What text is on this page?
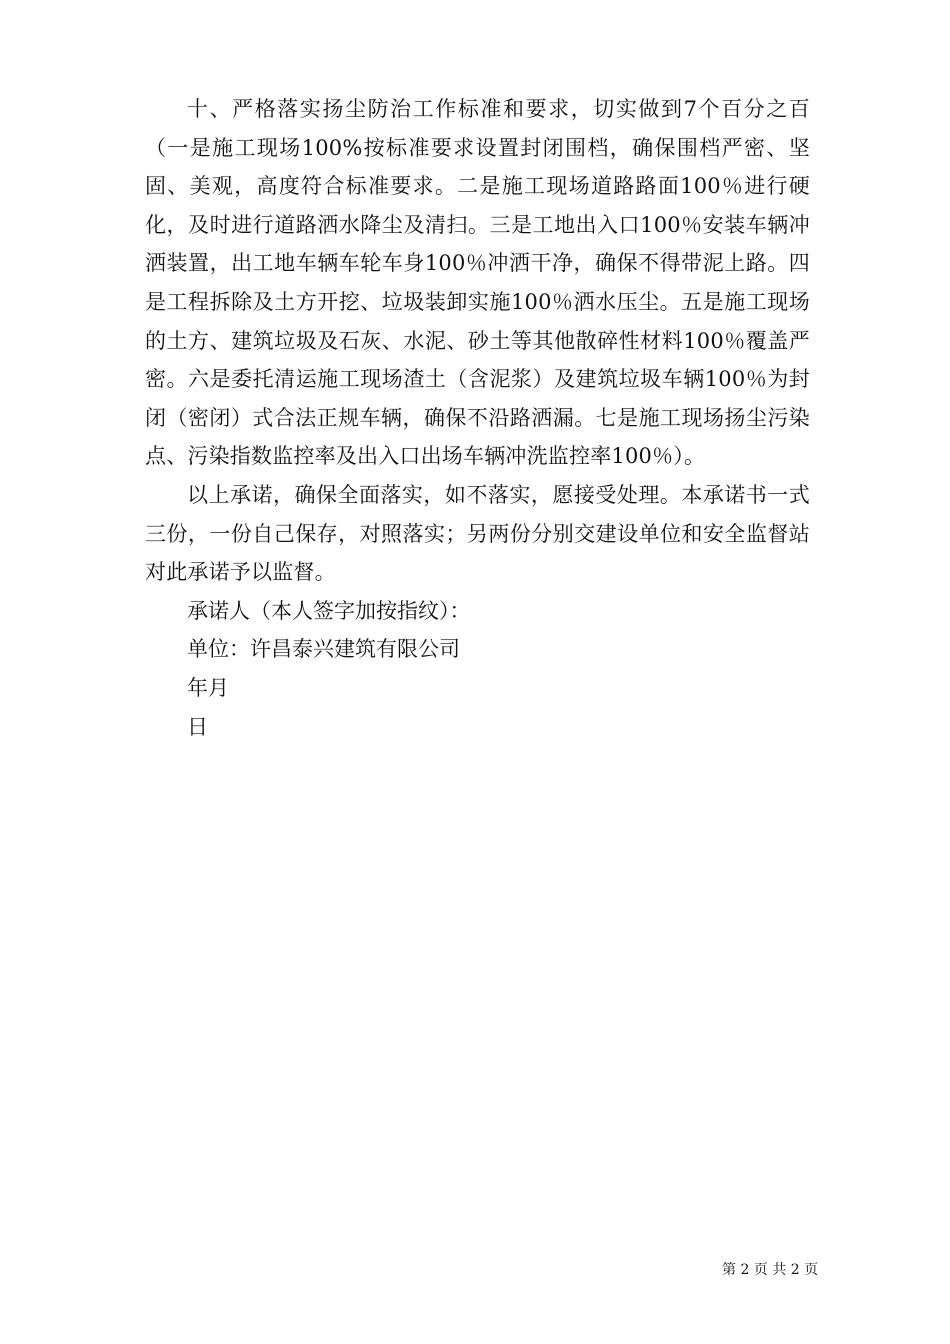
十、严格落实扬尘防治工作标准和要求，切实做到7个百分之百（一是施工现场100%按标准要求设置封闭围档，确保围档严密、坚固、美观，高度符合标准要求。二是施工现场道路路面100％进行硬化，及时进行道路洒水降尘及清扫。三是工地出入口100％安装车辆冲洒装置，出工地车辆车轮车身100％冲洒干净，确保不得带泥上路。四是工程拆除及土方开挖、垃圾装卸实施100％洒水压尘。五是施工现场的土方、建筑垃圾及石灰、水泥、砂土等其他散碎性材料100％覆盖严密。六是委托清运施工现场渣土（含泥浆）及建筑垃圾车辆100％为封闭（密闭）式合法正规车辆，确保不沿路洒漏。七是施工现场扬尘污染点、污染指数监控率及出入口出场车辆冲洗监控率100％）。

以上承诺，确保全面落实，如不落实，愿接受处理。本承诺书一式三份，一份自己保存，对照落实；另两份分别交建设单位和安全监督站对此承诺予以监督。

承诺人（本人签字加按指纹）：

单位：许昌泰兴建筑有限公司

年月

日

第 2 页 共 2 页
